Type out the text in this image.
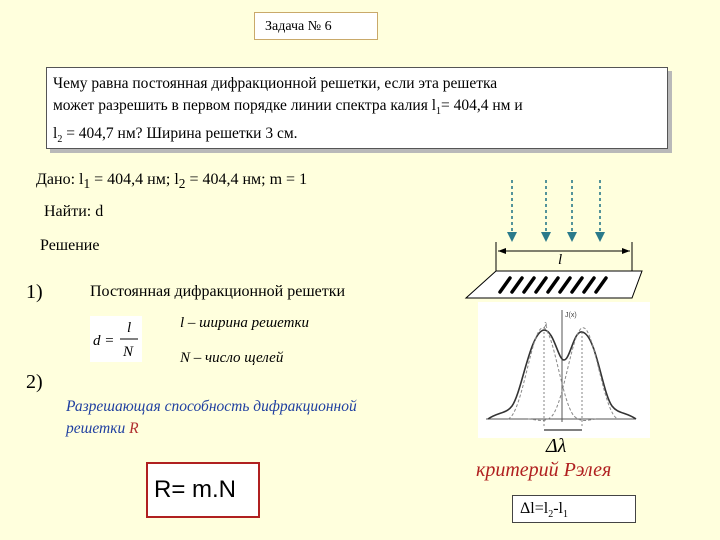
Задача № 6
Чему равна постоянная дифракционной решетки, если эта решетка
может разрешить в первом порядке линии спектра калия $l_1= 404,4$ нм и
$l_2 = 404,7$ нм? Ширина решетки 3 см.
Дано: $l_1 = 404,4$ нм; $l_2 = 404,4$ нм; m = 1
Найти: d
Решение
1)	Постоянная дифракционной решетки
d =
l
N
l – ширина решетки
N – число щелей
2)
Разрешающая способность дифракционной
решетки R
R= m.N
l
J(x)
λ
Δλ
критерий Рэлея
$\Delta l=l_2-l_1$
